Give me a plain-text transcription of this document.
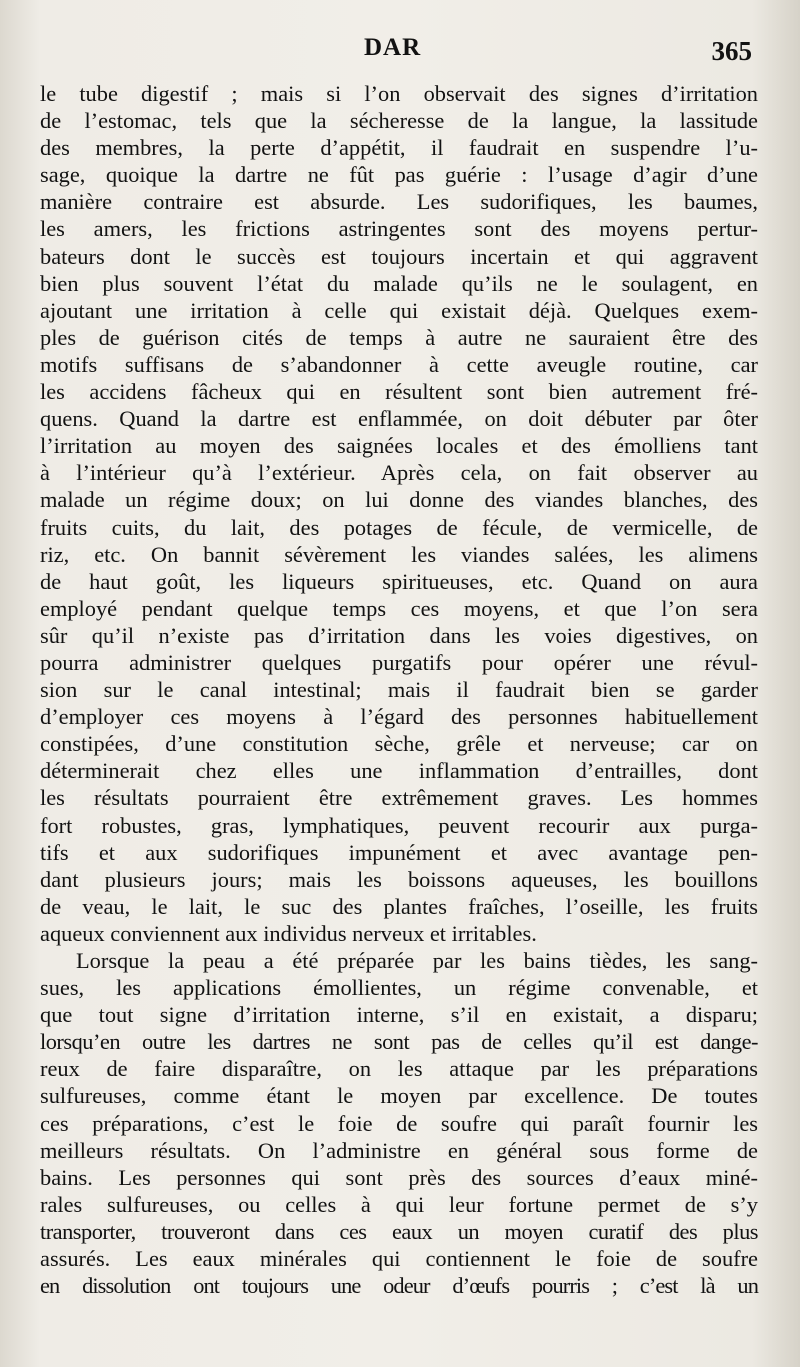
DAR	365
le tube digestif ; mais si l’on observait des signes d’irritation
de l’estomac, tels que la sécheresse de la langue, la lassitude
des membres, la perte d’appétit, il faudrait en suspendre l’u-
sage, quoique la dartre ne fût pas guérie : l’usage d’agir d’une
manière contraire est absurde. Les sudorifiques, les baumes,
les amers, les frictions astringentes sont des moyens pertur-
bateurs dont le succès est toujours incertain et qui aggravent
bien plus souvent l’état du malade qu’ils ne le soulagent, en
ajoutant une irritation à celle qui existait déjà. Quelques exem-
ples de guérison cités de temps à autre ne sauraient être des
motifs suffisans de s’abandonner à cette aveugle routine, car
les accidens fâcheux qui en résultent sont bien autrement fré-
quens. Quand la dartre est enflammée, on doit débuter par ôter
l’irritation au moyen des saignées locales et des émolliens tant
à l’intérieur qu’à l’extérieur. Après cela, on fait observer au
malade un régime doux; on lui donne des viandes blanches, des
fruits cuits, du lait, des potages de fécule, de vermicelle, de
riz, etc. On bannit sévèrement les viandes salées, les alimens
de haut goût, les liqueurs spiritueuses, etc. Quand on aura
employé pendant quelque temps ces moyens, et que l’on sera
sûr qu’il n’existe pas d’irritation dans les voies digestives, on
pourra administrer quelques purgatifs pour opérer une révul-
sion sur le canal intestinal; mais il faudrait bien se garder
d’employer ces moyens à l’égard des personnes habituellement
constipées, d’une constitution sèche, grêle et nerveuse; car on
déterminerait chez elles une inflammation d’entrailles, dont
les résultats pourraient être extrêmement graves. Les hommes
fort robustes, gras, lymphatiques, peuvent recourir aux purga-
tifs et aux sudorifiques impunément et avec avantage pen-
dant plusieurs jours; mais les boissons aqueuses, les bouillons
de veau, le lait, le suc des plantes fraîches, l’oseille, les fruits
aqueux conviennent aux individus nerveux et irritables.
Lorsque la peau a été préparée par les bains tièdes, les sang-
sues, les applications émollientes, un régime convenable, et
que tout signe d’irritation interne, s’il en existait, a disparu;
lorsqu’en outre les dartres ne sont pas de celles qu’il est dange-
reux de faire disparaître, on les attaque par les préparations
sulfureuses, comme étant le moyen par excellence. De toutes
ces préparations, c’est le foie de soufre qui paraît fournir les
meilleurs résultats. On l’administre en général sous forme de
bains. Les personnes qui sont près des sources d’eaux miné-
rales sulfureuses, ou celles à qui leur fortune permet de s’y
transporter, trouveront dans ces eaux un moyen curatif des plus
assurés. Les eaux minérales qui contiennent le foie de soufre
en dissolution ont toujours une odeur d’œufs pourris ; c’est là un
